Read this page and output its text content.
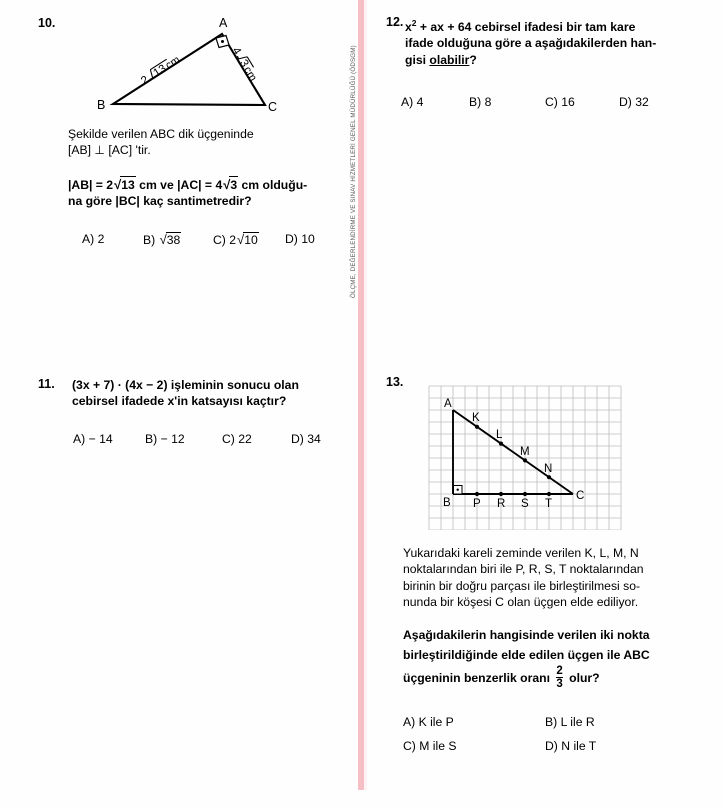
ÖLÇME, DEĞERLENDİRME VE SINAV HİZMETLERİ GENEL MÜDÜRLÜĞÜ (ÖDSGM)
10.	A
B	C
2
13
cm
4
3
cm
Şekilde verilen ABC dik üçgeninde
[AB] ⊥ [AC] 'tir.
|AB| = 2√13 cm ve |AC| = 4√3 cm olduğu-
na göre |BC| kaç santimetredir?
A) 2	B) √38	C) 2√10 D) 10
11. (3x + 7) · (4x − 2) işleminin sonucu olan
cebirsel ifadede x'in katsayısı kaçtır?
A) − 14	B) − 12	C) 22	D) 34
12. $x^2$ + ax + 64 cebirsel ifadesi bir tam kare
ifade olduğuna göre a aşağıdakilerden han-
gisi olabilir?
A) 4	B) 8	C) 16	D) 32
13.
A
K
L
M
N
B P R S T
C
Yukarıdaki kareli zeminde verilen K, L, M, N
noktalarından biri ile P, R, S, T noktalarından
birinin bir doğru parçası ile birleştirilmesi so-
nunda bir köşesi C olan üçgen elde ediliyor.
Aşağıdakilerin hangisinde verilen iki nokta
birleştirildiğinde elde edilen üçgen ile ABC
üçgeninin benzerlik oranı $\frac{2}{3}$ olur?
A) K ile P	B) L ile R
C) M ile S	D) N ile T
